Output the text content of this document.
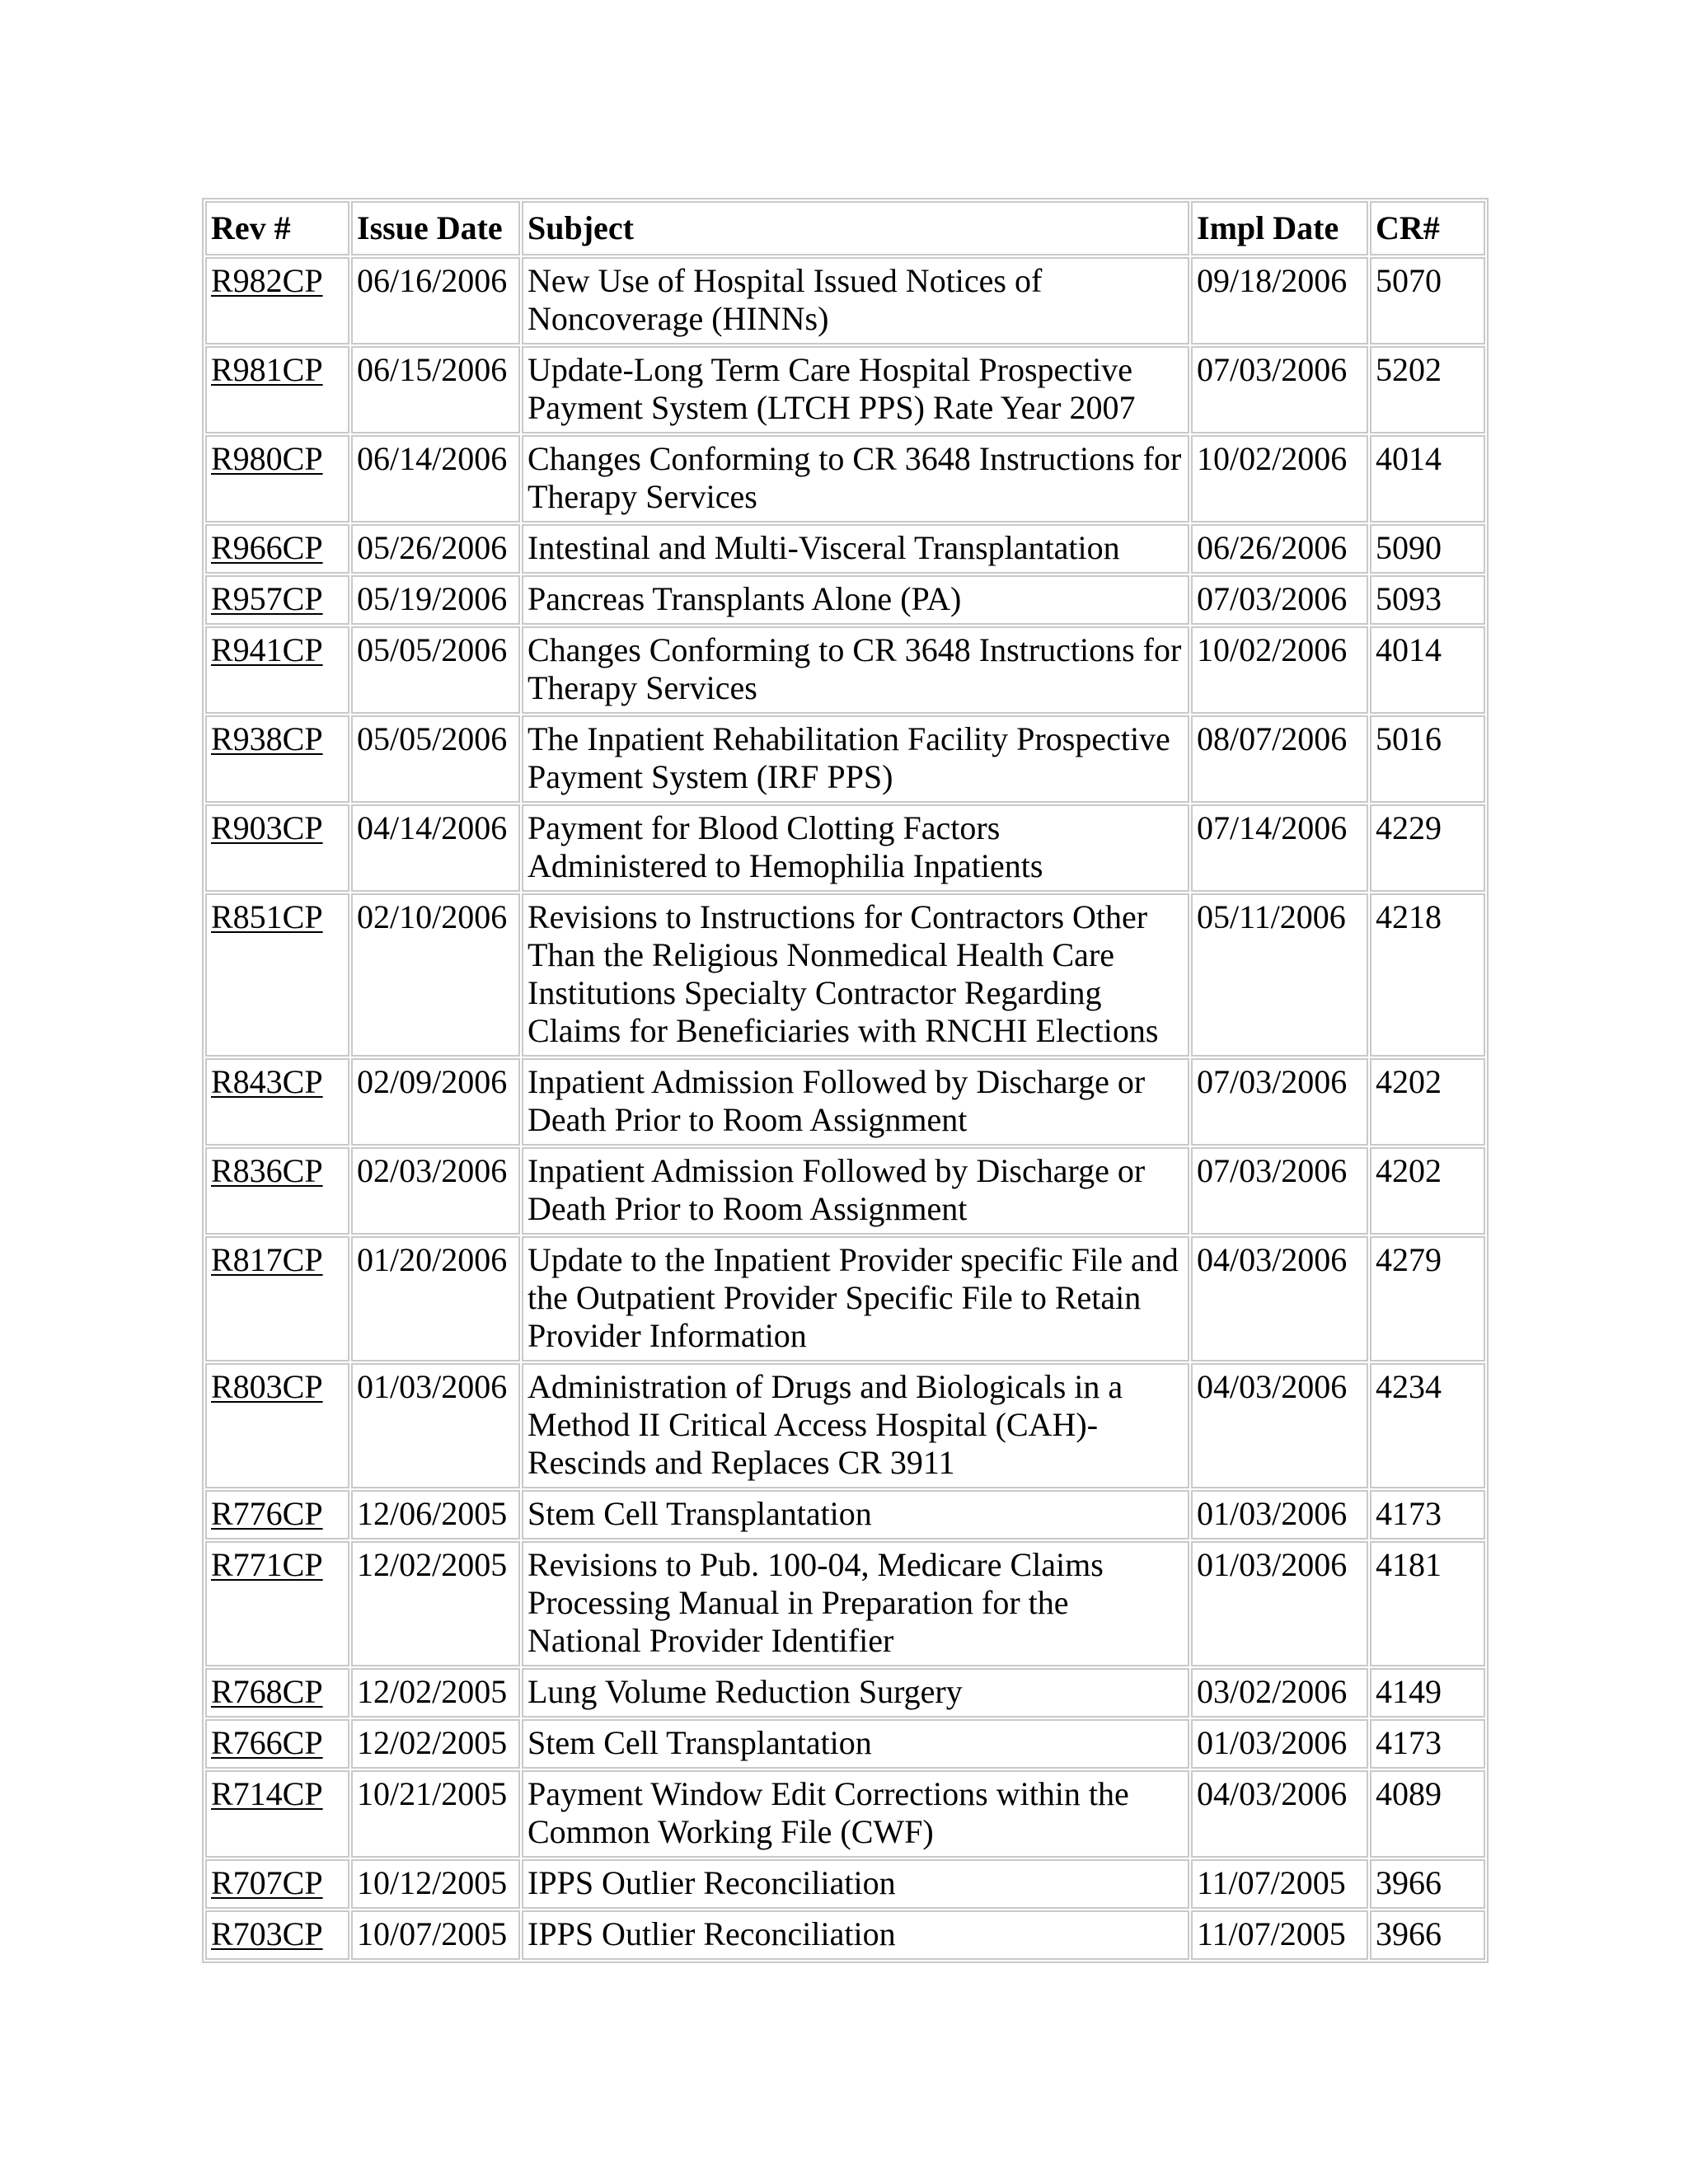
Rev #	Issue Date	Subject	Impl Date	CR#
R982CP	06/16/2006	New Use of Hospital Issued Notices of Noncoverage (HINNs)	09/18/2006	5070
R981CP	06/15/2006	Update-Long Term Care Hospital Prospective Payment System (LTCH PPS) Rate Year 2007	07/03/2006	5202
R980CP	06/14/2006	Changes Conforming to CR 3648 Instructions for Therapy Services	10/02/2006	4014
R966CP	05/26/2006	Intestinal and Multi-Visceral Transplantation	06/26/2006	5090
R957CP	05/19/2006	Pancreas Transplants Alone (PA)	07/03/2006	5093
R941CP	05/05/2006	Changes Conforming to CR 3648 Instructions for Therapy Services	10/02/2006	4014
R938CP	05/05/2006	The Inpatient Rehabilitation Facility Prospective Payment System (IRF PPS)	08/07/2006	5016
R903CP	04/14/2006	Payment for Blood Clotting Factors Administered to Hemophilia Inpatients	07/14/2006	4229
R851CP	02/10/2006	Revisions to Instructions for Contractors Other Than the Religious Nonmedical Health Care Institutions Specialty Contractor Regarding Claims for Beneficiaries with RNCHI Elections	05/11/2006	4218
R843CP	02/09/2006	Inpatient Admission Followed by Discharge or Death Prior to Room Assignment	07/03/2006	4202
R836CP	02/03/2006	Inpatient Admission Followed by Discharge or Death Prior to Room Assignment	07/03/2006	4202
R817CP	01/20/2006	Update to the Inpatient Provider specific File and the Outpatient Provider Specific File to Retain Provider Information	04/03/2006	4279
R803CP	01/03/2006	Administration of Drugs and Biologicals in a Method II Critical Access Hospital (CAH)-Rescinds and Replaces CR 3911	04/03/2006	4234
R776CP	12/06/2005	Stem Cell Transplantation	01/03/2006	4173
R771CP	12/02/2005	Revisions to Pub. 100-04, Medicare Claims Processing Manual in Preparation for the National Provider Identifier	01/03/2006	4181
R768CP	12/02/2005	Lung Volume Reduction Surgery	03/02/2006	4149
R766CP	12/02/2005	Stem Cell Transplantation	01/03/2006	4173
R714CP	10/21/2005	Payment Window Edit Corrections within the Common Working File (CWF)	04/03/2006	4089
R707CP	10/12/2005	IPPS Outlier Reconciliation	11/07/2005	3966
R703CP	10/07/2005	IPPS Outlier Reconciliation	11/07/2005	3966
